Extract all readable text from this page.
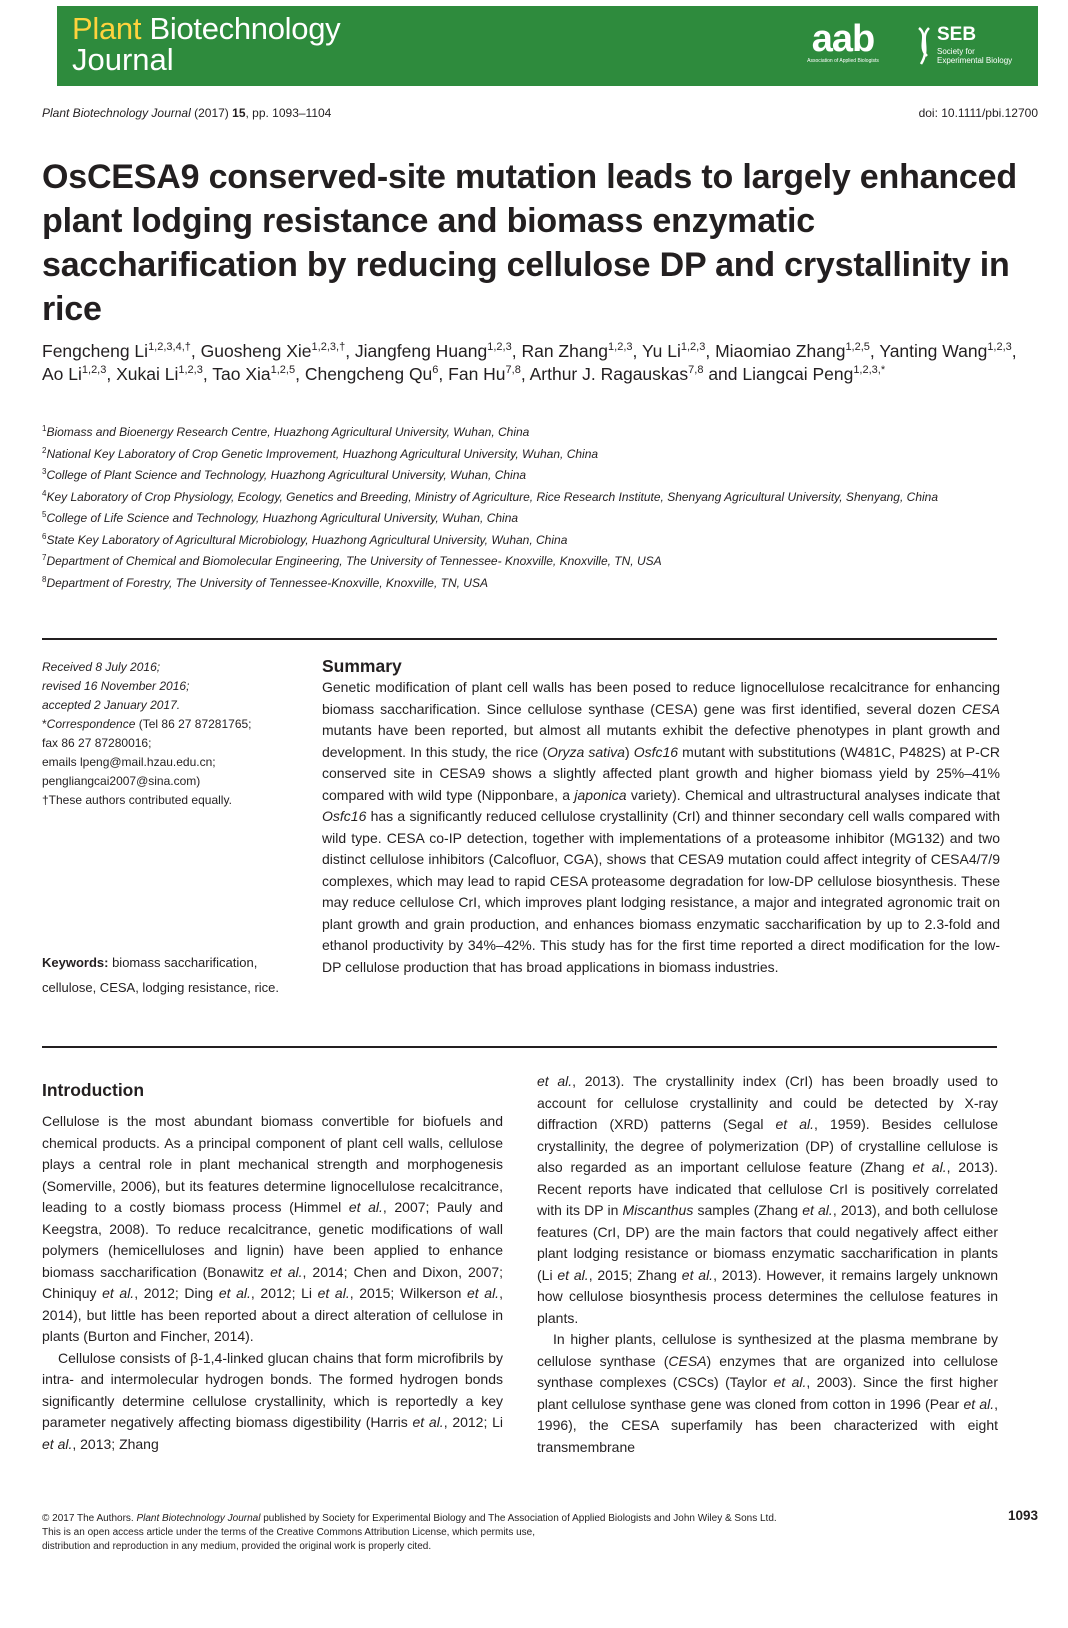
Plant Biotechnology
Journal	aab
Association of Applied Biologists
SEB
Society for
Experimental Biology
Plant Biotechnology Journal (2017) 15, pp. 1093–1104	doi: 10.1111/pbi.12700
OsCESA9 conserved-site mutation leads to largely enhanced plant lodging resistance and biomass enzymatic saccharification by reducing cellulose DP and crystallinity in rice
Fengcheng $Li^{1,2,3,4,\dagger}$, Guosheng Xie$^{1,2,3,\dagger}$, Jiangfeng Huang$^{1,2,3}$, Ran Zhang$^{1,2,3}$, Yu Li$^{1,2,3}$, Miaomiao Zhang$^{1,2,5}$, Yanting Wang$^{1,2,3}$, Ao Li$^{1,2,3}$, Xukai Li$^{1,2,3}$, Tao Xia$^{1,2,5}$, Chengcheng Qu$^6$, Fan Hu$^{7,8}$, Arthur J. Ragauskas$^{7,8}$ and Liangcai Peng$^{1,2,3,*}$
$^1$Biomass and Bioenergy Research Centre, Huazhong Agricultural University, Wuhan, China
$^2$National Key Laboratory of Crop Genetic Improvement, Huazhong Agricultural University, Wuhan, China
$^3$College of Plant Science and Technology, Huazhong Agricultural University, Wuhan, China
$^4$Key Laboratory of Crop Physiology, Ecology, Genetics and Breeding, Ministry of Agriculture, Rice Research Institute, Shenyang Agricultural University, Shenyang, China
$^5$College of Life Science and Technology, Huazhong Agricultural University, Wuhan, China
$^6$State Key Laboratory of Agricultural Microbiology, Huazhong Agricultural University, Wuhan, China
$^7$Department of Chemical and Biomolecular Engineering, The University of Tennessee- Knoxville, Knoxville, TN, USA
$^8$Department of Forestry, The University of Tennessee-Knoxville, Knoxville, TN, USA
Received 8 July 2016;
revised 16 November 2016;
accepted 2 January 2017.
*Correspondence (Tel 86 27 87281765;
fax 86 27 87280016;
emails lpeng@mail.hzau.edu.cn;
pengliangcai2007@sina.com)
†These authors contributed equally.
Keywords: biomass saccharification, cellulose, CESA, lodging resistance, rice.
Summary

Genetic modification of plant cell walls has been posed to reduce lignocellulose recalcitrance for enhancing biomass saccharification. Since cellulose synthase (CESA) gene was first identified, several dozen CESA mutants have been reported, but almost all mutants exhibit the defective phenotypes in plant growth and development. In this study, the rice (Oryza sativa) Osfc16 mutant with substitutions (W481C, P482S) at P-CR conserved site in CESA9 shows a slightly affected plant growth and higher biomass yield by 25%–41% compared with wild type (Nipponbare, a japonica variety). Chemical and ultrastructural analyses indicate that Osfc16 has a significantly reduced cellulose crystallinity (CrI) and thinner secondary cell walls compared with wild type. CESA co-IP detection, together with implementations of a proteasome inhibitor (MG132) and two distinct cellulose inhibitors (Calcofluor, CGA), shows that CESA9 mutation could affect integrity of CESA4/7/9 complexes, which may lead to rapid CESA proteasome degradation for low-DP cellulose biosynthesis. These may reduce cellulose CrI, which improves plant lodging resistance, a major and integrated agronomic trait on plant growth and grain production, and enhances biomass enzymatic saccharification by up to 2.3-fold and ethanol productivity by 34%–42%. This study has for the first time reported a direct modification for the low-DP cellulose production that has broad applications in biomass industries.

Introduction

Cellulose is the most abundant biomass convertible for biofuels and chemical products. As a principal component of plant cell walls, cellulose plays a central role in plant mechanical strength and morphogenesis (Somerville, 2006), but its features determine lignocellulose recalcitrance, leading to a costly biomass process (Himmel et al., 2007; Pauly and Keegstra, 2008). To reduce recalcitrance, genetic modifications of wall polymers (hemicelluloses and lignin) have been applied to enhance biomass saccharification (Bonawitz et al., 2014; Chen and Dixon, 2007; Chiniquy et al., 2012; Ding et al., 2012; Li et al., 2015; Wilkerson et al., 2014), but little has been reported about a direct alteration of cellulose in plants (Burton and Fincher, 2014).

Cellulose consists of β-1,4-linked glucan chains that form microfibrils by intra- and intermolecular hydrogen bonds. The formed hydrogen bonds significantly determine cellulose crystallinity, which is reportedly a key parameter negatively affecting biomass digestibility (Harris et al., 2012; Li et al., 2013; Zhang

et al., 2013). The crystallinity index (CrI) has been broadly used to account for cellulose crystallinity and could be detected by X-ray diffraction (XRD) patterns (Segal et al., 1959). Besides cellulose crystallinity, the degree of polymerization (DP) of crystalline cellulose is also regarded as an important cellulose feature (Zhang et al., 2013). Recent reports have indicated that cellulose CrI is positively correlated with its DP in Miscanthus samples (Zhang et al., 2013), and both cellulose features (CrI, DP) are the main factors that could negatively affect either plant lodging resistance or biomass enzymatic saccharification in plants (Li et al., 2015; Zhang et al., 2013). However, it remains largely unknown how cellulose biosynthesis process determines the cellulose features in plants.

In higher plants, cellulose is synthesized at the plasma membrane by cellulose synthase (CESA) enzymes that are organized into cellulose synthase complexes (CSCs) (Taylor et al., 2003). Since the first higher plant cellulose synthase gene was cloned from cotton in 1996 (Pear et al., 1996), the CESA superfamily has been characterized with eight transmembrane

© 2017 The Authors. Plant Biotechnology Journal published by Society for Experimental Biology and The Association of Applied Biologists and John Wiley & Sons Ltd.
This is an open access article under the terms of the Creative Commons Attribution License, which permits use,
distribution and reproduction in any medium, provided the original work is properly cited.
1093
